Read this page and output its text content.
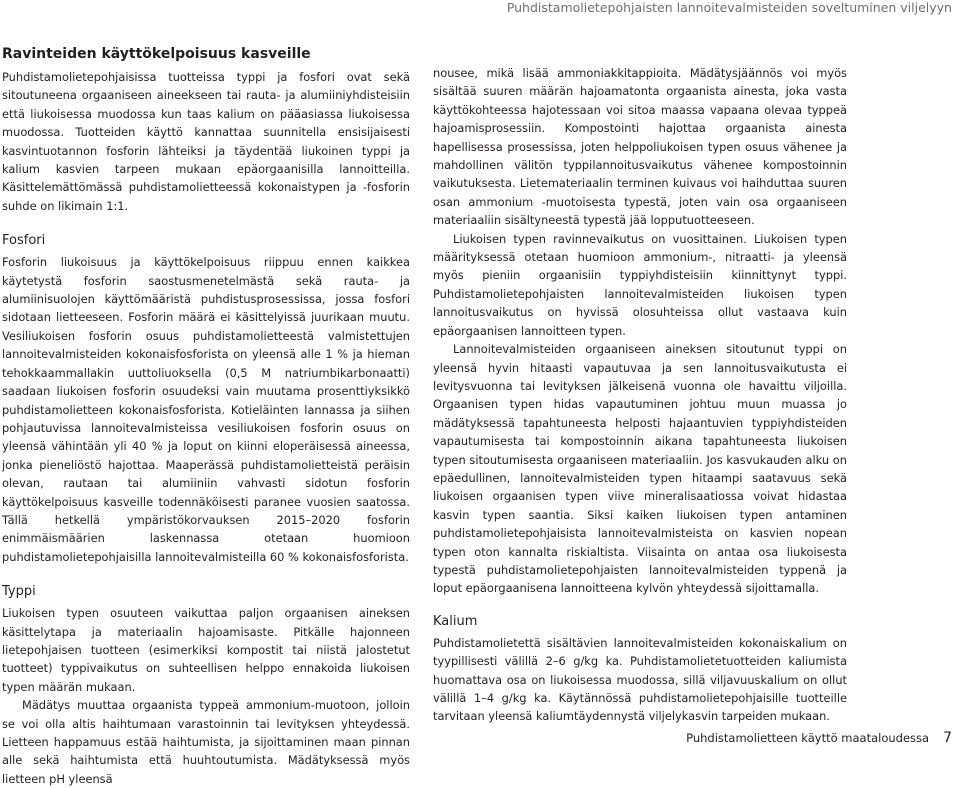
Puhdistamolietepohjaisten lannoitevalmisteiden soveltuminen viljelyyn
Ravinteiden käyttökelpoisuus kasveille

Puhdistamolietepohjaisissa tuotteissa typpi ja fosfori ovat sekä sitoutuneena orgaaniseen aineekseen tai rauta- ja alumiiniyhdisteisiin että liukoisessa muodossa kun taas kalium on pääasiassa liukoisessa muodossa. Tuotteiden käyttö kannattaa suunnitella ensisijaisesti kasvintuotannon fosforin lähteiksi ja täydentää liukoinen typpi ja kalium kasvien tarpeen mukaan epäorgaanisilla lannoitteilla. Käsittelemättömässä puhdistamolietteessä kokonaistypen ja -fosforin suhde on likimain 1:1.

Fosfori

Fosforin liukoisuus ja käyttökelpoisuus riippuu ennen kaikkea käytetystä fosforin saostusmenetelmästä sekä rauta- ja alumiinisuolojen käyttömääristä puhdistusprosessissa, jossa fosfori sidotaan lietteeseen. Fosforin määrä ei käsittelyissä juurikaan muutu. Vesiliukoisen fosforin osuus puhdistamolietteestä valmistettujen lannoitevalmisteiden kokonaisfosforista on yleensä alle 1 % ja hieman tehokkaammallakin uuttoliuoksella (0,5 M natriumbikarbonaatti) saadaan liukoisen fosforin osuudeksi vain muutama prosenttiyksikkö puhdistamolietteen kokonaisfosforista. Kotieläinten lannassa ja siihen pohjautuvissa lannoitevalmisteissa vesiliukoisen fosforin osuus on yleensä vähintään yli 40 % ja loput on kiinni eloperäisessä aineessa, jonka pieneliöstö hajottaa. Maaperässä puhdistamolietteistä peräisin olevan, rautaan tai alumiiniin vahvasti sidotun fosforin käyttökelpoisuus kasveille todennäköisesti paranee vuosien saatossa. Tällä hetkellä ympäristökorvauksen 2015–2020 fosforin enimmäismäärien laskennassa otetaan huomioon puhdistamolietepohjaisilla lannoitevalmisteilla 60 % kokonaisfosforista.

Typpi

Liukoisen typen osuuteen vaikuttaa paljon orgaanisen aineksen käsittelytapa ja materiaalin hajoamisaste. Pitkälle hajonneen lietepohjaisen tuotteen (esimerkiksi kompostit tai niistä jalostetut tuotteet) typpivaikutus on suhteellisen helppo ennakoida liukoisen typen määrän mukaan.

Mädätys muuttaa orgaanista typpeä ammonium-muotoon, jolloin se voi olla altis haihtumaan varastoinnin tai levityksen yhteydessä. Lietteen happamuus estää haihtumista, ja sijoittaminen maan pinnan alle sekä haihtumista että huuhtoutumista. Mädätyksessä myös lietteen pH yleensä

nousee, mikä lisää ammoniakkitappioita. Mädätysjäännös voi myös sisältää suuren määrän hajoamatonta orgaanista ainesta, joka vasta käyttökohteessa hajotessaan voi sitoa maassa vapaana olevaa typpeä hajoamisprosessiin. Kompostointi hajottaa orgaanista ainesta hapellisessa prosessissa, joten helppoliukoisen typen osuus vähenee ja mahdollinen välitön typpilannoitusvaikutus vähenee kompostoinnin vaikutuksesta. Lietemateriaalin terminen kuivaus voi haihduttaa suuren osan ammonium -muotoisesta typestä, joten vain osa orgaaniseen materiaaliin sisältyneestä typestä jää lopputuotteeseen.

Liukoisen typen ravinnevaikutus on vuosittainen. Liukoisen typen määrityksessä otetaan huomioon ammonium-, nitraatti- ja yleensä myös pieniin orgaanisiin typpiyhdisteisiin kiinnittynyt typpi. Puhdistamolietepohjaisten lannoitevalmisteiden liukoisen typen lannoitusvaikutus on hyvissä olosuhteissa ollut vastaava kuin epäorgaanisen lannoitteen typen.

Lannoitevalmisteiden orgaaniseen aineksen sitoutunut typpi on yleensä hyvin hitaasti vapautuvaa ja sen lannoitusvaikutusta ei levitysvuonna tai levityksen jälkeisenä vuonna ole havaittu viljoilla. Orgaanisen typen hidas vapautuminen johtuu muun muassa jo mädätyksessä tapahtuneesta helposti hajaantuvien typpiyhdisteiden vapautumisesta tai kompostoinnin aikana tapahtuneesta liukoisen typen sitoutumisesta orgaaniseen materiaaliin. Jos kasvukauden alku on epäedullinen, lannoitevalmisteiden typen hitaampi saatavuus sekä liukoisen orgaanisen typen viive mineralisaatiossa voivat hidastaa kasvin typen saantia. Siksi kaiken liukoisen typen antaminen puhdistamolietepohjaisista lannoitevalmisteista on kasvien nopean typen oton kannalta riskialtista. Viisainta on antaa osa liukoisesta typestä puhdistamolietepohjaisten lannoitevalmisteiden typpenä ja loput epäorgaanisena lannoitteena kylvön yhteydessä sijoittamalla.

Kalium

Puhdistamolietettä sisältävien lannoitevalmisteiden kokonaiskalium on tyypillisesti välillä 2–6 g/kg ka. Puhdistamolietetuotteiden kaliumista huomattava osa on liukoisessa muodossa, sillä viljavuuskalium on ollut välillä 1–4 g/kg ka. Käytännössä puhdistamolietepohjaisille tuotteille tarvitaan yleensä kaliumtäydennystä viljelykasvin tarpeiden mukaan.

Puhdistamolietteen käyttö maataloudessa 7
